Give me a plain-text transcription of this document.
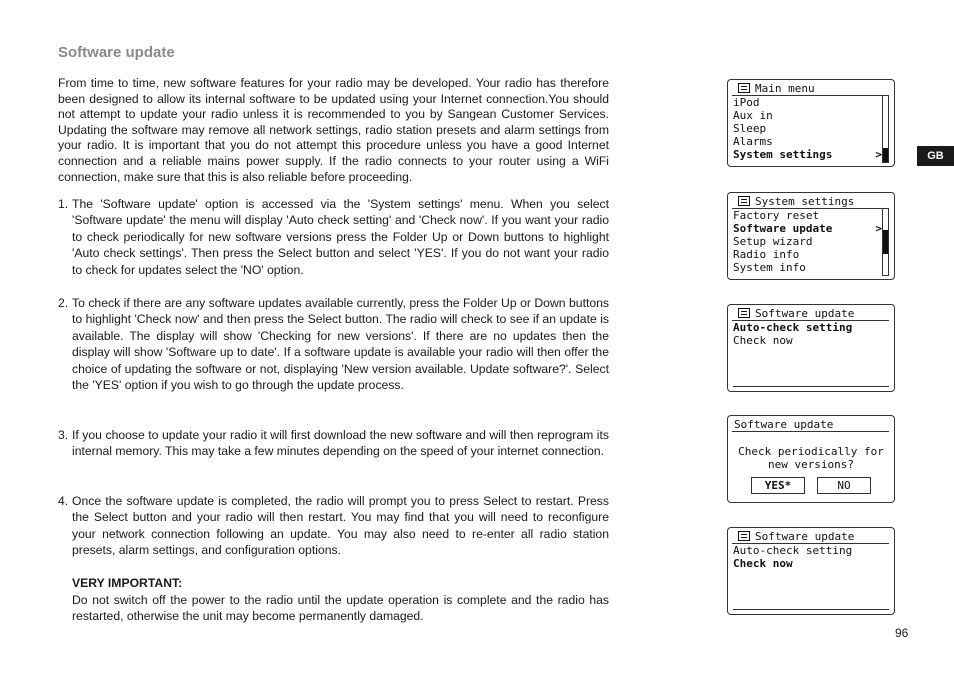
Software update

From time to time, new software features for your radio may be developed. Your radio has therefore been designed to allow its internal software to be updated using your Internet connection.You should not attempt to update your radio unless it is recommended to you by Sangean Customer Services. Updating the software may remove all network settings, radio station presets and alarm settings from your radio. It is important that you do not attempt this procedure unless you have a good Internet connection and a reliable mains power supply. If the radio connects to your router using a WiFi connection, make sure that this is also reliable before proceeding.

1. The 'Software update' option is accessed via the 'System settings' menu. When you select 'Software update' the menu will display 'Auto check setting' and 'Check now'. If you want your radio to check periodically for new software versions press the Folder Up or Down buttons to highlight 'Auto check settings'. Then press the Select button and select 'YES'. If you do not want your radio to check for updates select the 'NO' option.
2. To check if there are any software updates available currently, press the Folder Up or Down buttons to highlight 'Check now' and then press the Select button. The radio will check to see if an update is available. The display will show 'Checking for new versions'. If there are no updates then the display will show 'Software up to date'. If a software update is available your radio will then offer the choice of updating the software or not, displaying 'New version available. Update software?'. Select the 'YES' option if you wish to go through the update process.
3. If you choose to update your radio it will first download the new software and will then reprogram its internal memory. This may take a few minutes depending on the speed of your internet connection.
4. Once the software update is completed, the radio will prompt you to press Select to restart. Press the Select button and your radio will then restart. You may find that you will need to reconfigure your network connection following an update. You may also need to re-enter all radio station presets, alarm settings, and configuration options.
VERY IMPORTANT:
Do not switch off the power to the radio until the update operation is complete and the radio has restarted, otherwise the unit may become permanently damaged.
Main menu
iPod
Aux in
Sleep
Alarms
System settings	>
System settings
Factory reset
Software update	>
Setup wizard
Radio info
System info
Software update
Auto-check setting
Check now
Software update
Check periodically for
new versions?
YES*	NO
Software update
Auto-check setting
Check now
GB
96
